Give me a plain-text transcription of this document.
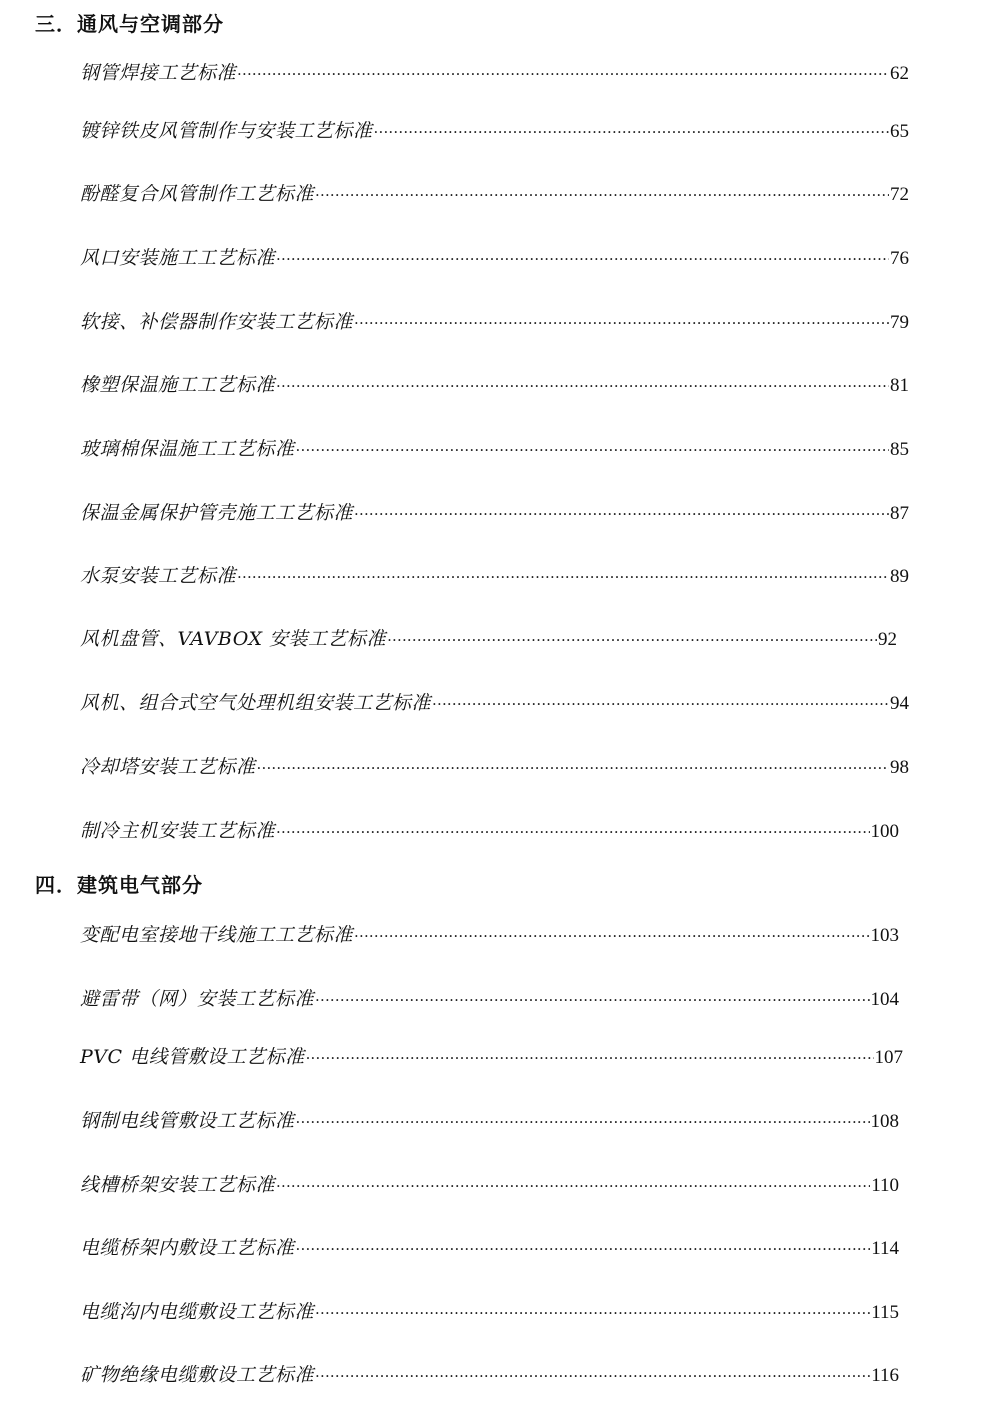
三．通风与空调部分
钢管焊接工艺标准 ·····	62
镀锌铁皮风管制作与安装工艺标准 ·····	65
酚醛复合风管制作工艺标准 ·····	72
风口安装施工工艺标准 ·····	76
软接、补偿器制作安装工艺标准 ·····	79
橡塑保温施工工艺标准 ·····	81
玻璃棉保温施工工艺标准 ·····	85
保温金属保护管壳施工工艺标准 ·····	87
水泵安装工艺标准 ·····	89
风机盘管、VAVBOX 安装工艺标准 ·····	92
风机、组合式空气处理机组安装工艺标准 ·····	94
冷却塔安装工艺标准 ·····	98
制冷主机安装工艺标准 ·····	100
四．建筑电气部分
变配电室接地干线施工工艺标准 ·····	103
避雷带（网）安装工艺标准 ·····	104
PVC 电线管敷设工艺标准 ·····	107
钢制电线管敷设工艺标准 ·····	108
线槽桥架安装工艺标准 ·····	110
电缆桥架内敷设工艺标准 ·····	114
电缆沟内电缆敷设工艺标准 ·····	115
矿物绝缘电缆敷设工艺标准 ·····	116
